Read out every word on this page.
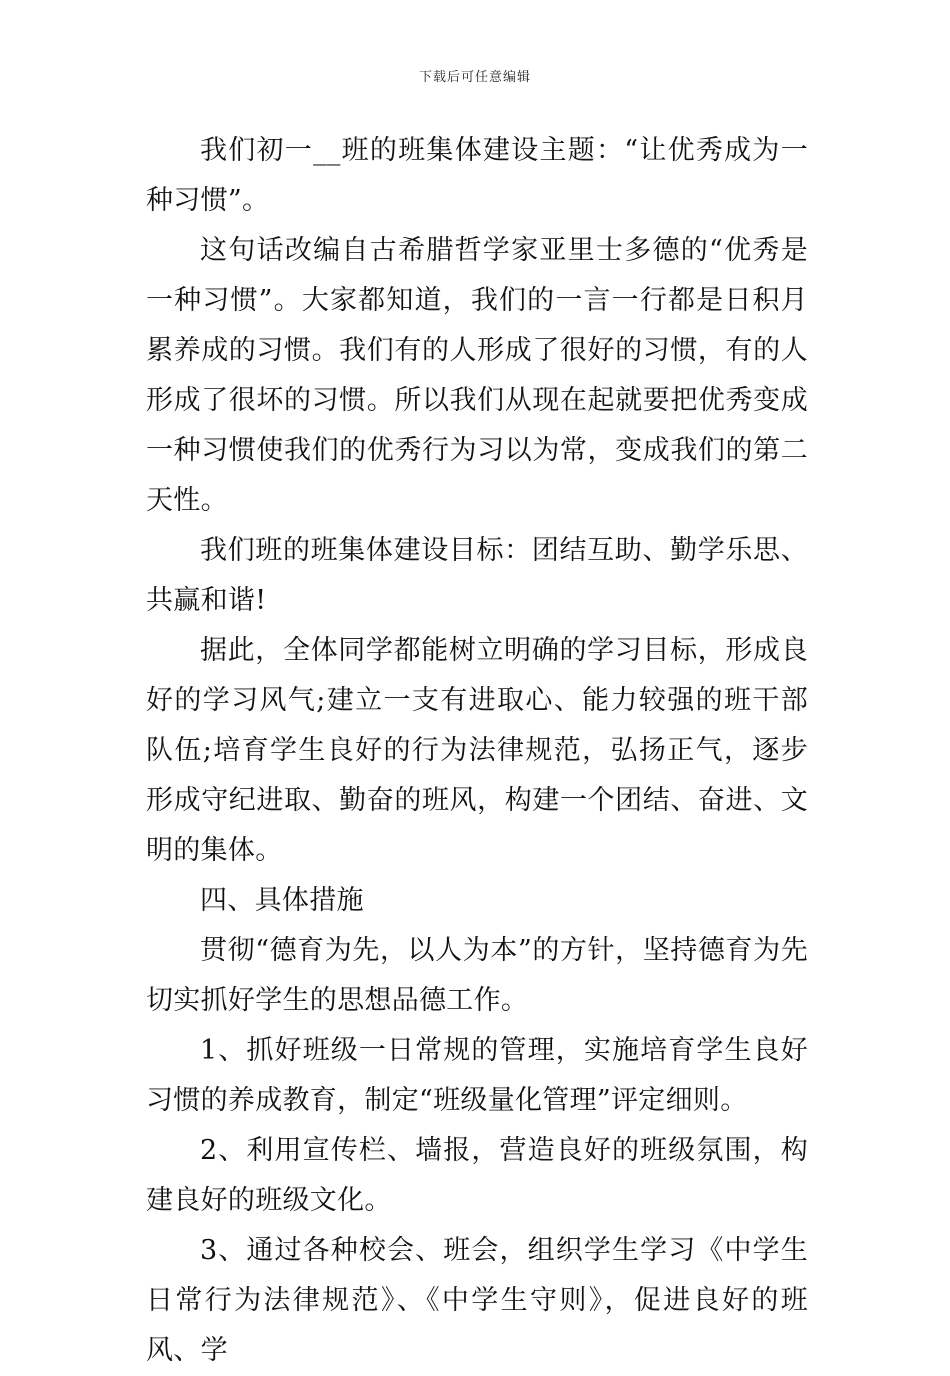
下载后可任意编辑

我们初一__班的班集体建设主题：“让优秀成为一种习惯”。

这句话改编自古希腊哲学家亚里士多德的“优秀是一种习惯”。大家都知道，我们的一言一行都是日积月累养成的习惯。我们有的人形成了很好的习惯，有的人形成了很坏的习惯。所以我们从现在起就要把优秀变成一种习惯使我们的优秀行为习以为常，变成我们的第二天性。

我们班的班集体建设目标：团结互助、勤学乐思、共赢和谐!

据此，全体同学都能树立明确的学习目标，形成良好的学习风气;建立一支有进取心、能力较强的班干部队伍;培育学生良好的行为法律规范，弘扬正气，逐步形成守纪进取、勤奋的班风，构建一个团结、奋进、文明的集体。

四、具体措施

贯彻“德育为先，以人为本”的方针，坚持德育为先切实抓好学生的思想品德工作。

1、抓好班级一日常规的管理，实施培育学生良好习惯的养成教育，制定“班级量化管理”评定细则。

2、利用宣传栏、墙报，营造良好的班级氛围，构建良好的班级文化。

3、通过各种校会、班会，组织学生学习《中学生日常行为法律规范》、《中学生守则》，促进良好的班风、学
